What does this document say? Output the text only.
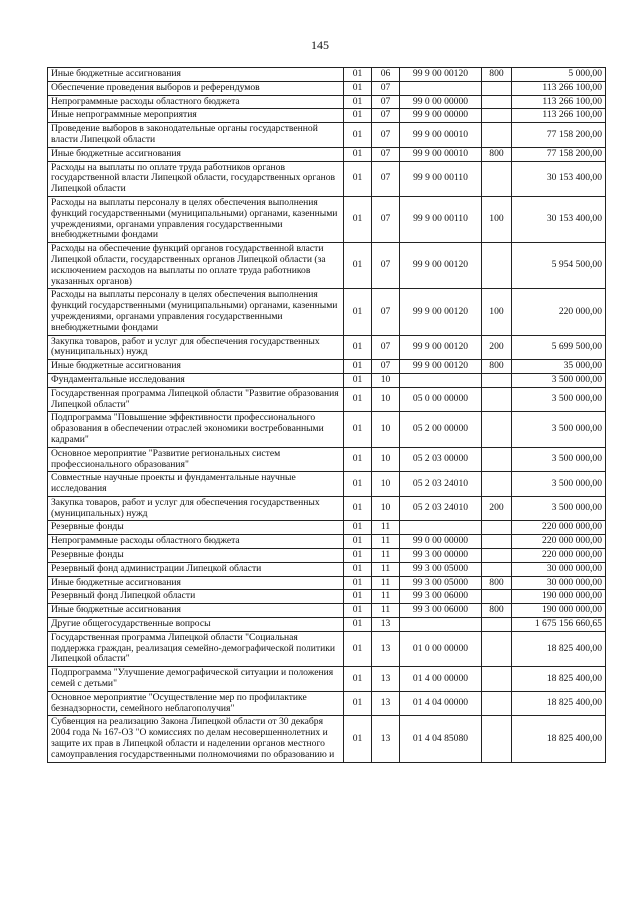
145
Иные бюджетные ассигнования	01	06	99 9 00 00120	800	5 000,00
Обеспечение проведения выборов и референдумов	01	07			113 266 100,00
Непрограммные расходы областного бюджета	01	07	99 0 00 00000		113 266 100,00
Иные непрограммные мероприятия	01	07	99 9 00 00000		113 266 100,00
Проведение выборов в законодательные органы государственной власти Липецкой области	01	07	99 9 00 00010		77 158 200,00
Иные бюджетные ассигнования	01	07	99 9 00 00010	800	77 158 200,00
Расходы на выплаты по оплате труда работников органов государственной власти Липецкой области, государственных органов Липецкой области	01	07	99 9 00 00110		30 153 400,00
Расходы на выплаты персоналу в целях обеспечения выполнения функций государственными (муниципальными) органами, казенными учреждениями, органами управления государственными внебюджетными фондами	01	07	99 9 00 00110	100	30 153 400,00
Расходы на обеспечение функций органов государственной власти Липецкой области, государственных органов Липецкой области (за исключением расходов на выплаты по оплате труда работников указанных органов)	01	07	99 9 00 00120		5 954 500,00
Расходы на выплаты персоналу в целях обеспечения выполнения функций государственными (муниципальными) органами, казенными учреждениями, органами управления государственными внебюджетными фондами	01	07	99 9 00 00120	100	220 000,00
Закупка товаров, работ и услуг для обеспечения государственных (муниципальных) нужд	01	07	99 9 00 00120	200	5 699 500,00
Иные бюджетные ассигнования	01	07	99 9 00 00120	800	35 000,00
Фундаментальные исследования	01	10			3 500 000,00
Государственная программа Липецкой области "Развитие образования Липецкой области"	01	10	05 0 00 00000		3 500 000,00
Подпрограмма "Повышение эффективности профессионального образования в обеспечении отраслей экономики востребованными кадрами"	01	10	05 2 00 00000		3 500 000,00
Основное мероприятие "Развитие региональных систем профессионального образования"	01	10	05 2 03 00000		3 500 000,00
Совместные научные проекты и фундаментальные научные исследования	01	10	05 2 03 24010		3 500 000,00
Закупка товаров, работ и услуг для обеспечения государственных (муниципальных) нужд	01	10	05 2 03 24010	200	3 500 000,00
Резервные фонды	01	11			220 000 000,00
Непрограммные расходы областного бюджета	01	11	99 0 00 00000		220 000 000,00
Резервные фонды	01	11	99 3 00 00000		220 000 000,00
Резервный фонд администрации Липецкой области	01	11	99 3 00 05000		30 000 000,00
Иные бюджетные ассигнования	01	11	99 3 00 05000	800	30 000 000,00
Резервный фонд Липецкой области	01	11	99 3 00 06000		190 000 000,00
Иные бюджетные ассигнования	01	11	99 3 00 06000	800	190 000 000,00
Другие общегосударственные вопросы	01	13			1 675 156 660,65
Государственная программа Липецкой области "Социальная поддержка граждан, реализация семейно-демографической политики Липецкой области"	01	13	01 0 00 00000		18 825 400,00
Подпрограмма "Улучшение демографической ситуации и положения семей с детьми"	01	13	01 4 00 00000		18 825 400,00
Основное мероприятие "Осуществление мер по профилактике безнадзорности, семейного неблагополучия"	01	13	01 4 04 00000		18 825 400,00
Субвенция на реализацию Закона Липецкой области от 30 декабря 2004 года № 167-ОЗ "О комиссиях по делам несовершеннолетних и защите их прав в Липецкой области и наделении органов местного самоуправления государственными полномочиями по образованию и	01	13	01 4 04 85080		18 825 400,00
